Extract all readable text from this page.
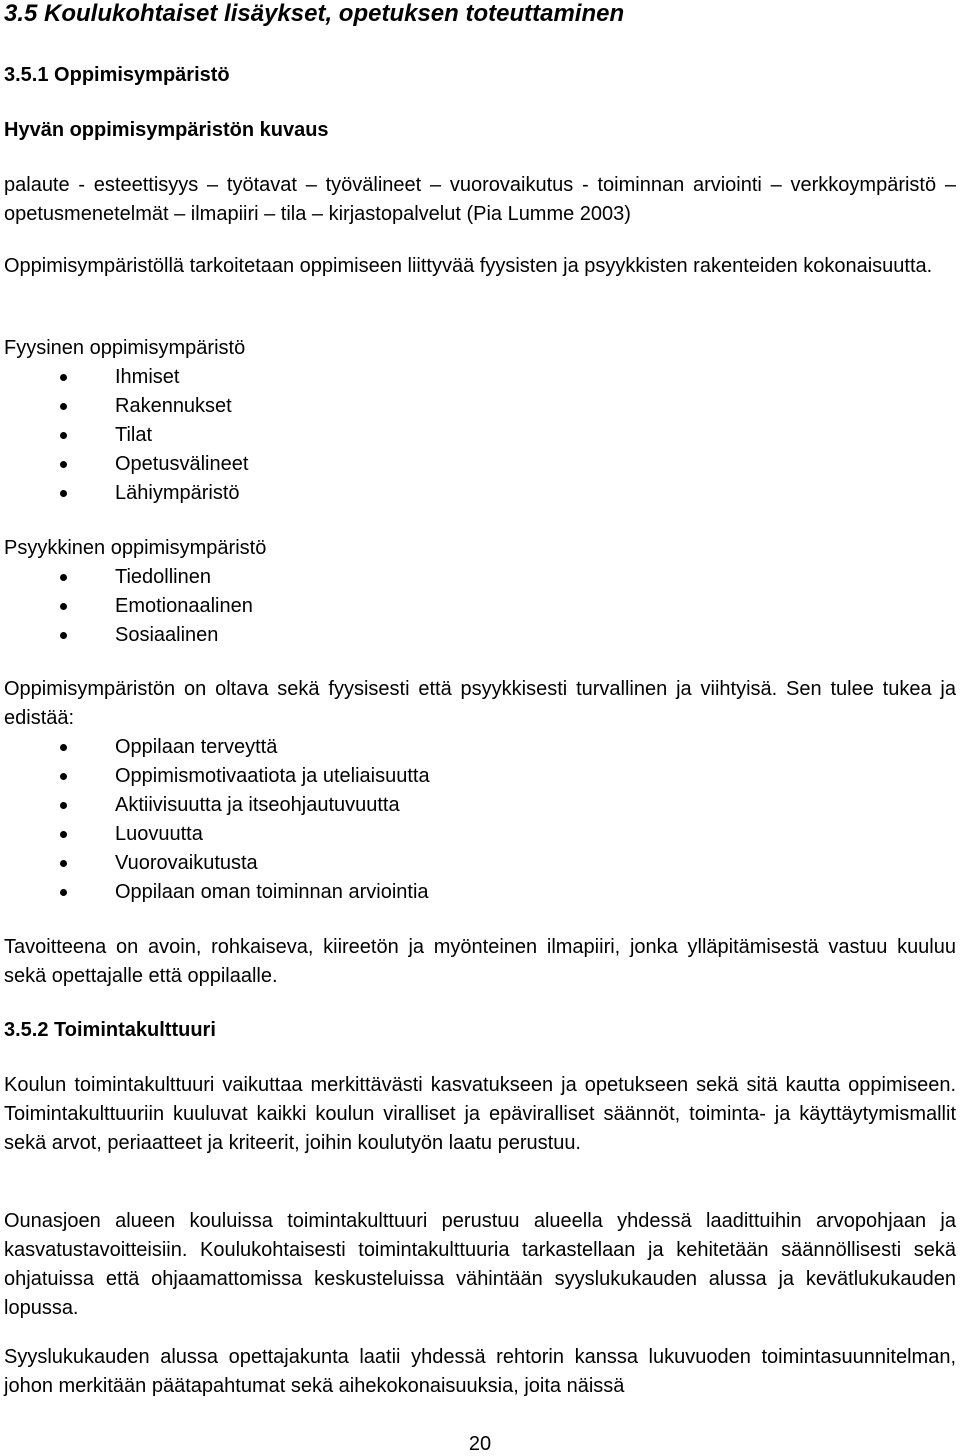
3.5 Koulukohtaiset lisäykset, opetuksen toteuttaminen
3.5.1 Oppimisympäristö
Hyvän oppimisympäristön kuvaus

palaute - esteettisyys – työtavat – työvälineet – vuorovaikutus - toiminnan arviointi – verkkoympäristö – opetusmenetelmät – ilmapiiri – tila – kirjastopalvelut (Pia Lumme 2003)

Oppimisympäristöllä tarkoitetaan oppimiseen liittyvää fyysisten ja psyykkisten rakenteiden kokonaisuutta.

Fyysinen oppimisympäristö
Ihmiset
Rakennukset
Tilat
Opetusvälineet
Lähiympäristö
Psyykkinen oppimisympäristö
Tiedollinen
Emotionaalinen
Sosiaalinen

Oppimisympäristön on oltava sekä fyysisesti että psyykkisesti turvallinen ja viihtyisä. Sen tulee tukea ja edistää:

Oppilaan terveyttä
Oppimismotivaatiota ja uteliaisuutta
Aktiivisuutta ja itseohjautuvuutta
Luovuutta
Vuorovaikutusta
Oppilaan oman toiminnan arviointia

Tavoitteena on avoin, rohkaiseva, kiireetön ja myönteinen ilmapiiri, jonka ylläpitämisestä vastuu kuuluu sekä opettajalle että oppilaalle.

3.5.2 Toimintakulttuuri

Koulun toimintakulttuuri vaikuttaa merkittävästi kasvatukseen ja opetukseen sekä sitä kautta oppimiseen. Toimintakulttuuriin kuuluvat kaikki koulun viralliset ja epäviralliset säännöt, toiminta- ja käyttäytymismallit sekä arvot, periaatteet ja kriteerit, joihin koulutyön laatu perustuu.

Ounasjoen alueen kouluissa toimintakulttuuri perustuu alueella yhdessä laadittuihin arvopohjaan ja kasvatustavoitteisiin. Koulukohtaisesti toimintakulttuuria tarkastellaan ja kehitetään säännöllisesti sekä ohjatuissa että ohjaamattomissa keskusteluissa vähintään syyslukukauden alussa ja kevätlukukauden lopussa.

Syyslukukauden alussa opettajakunta laatii yhdessä rehtorin kanssa lukuvuoden toimintasuunnitelman, johon merkitään päätapahtumat sekä aihekokonaisuuksia, joita näissä

20
